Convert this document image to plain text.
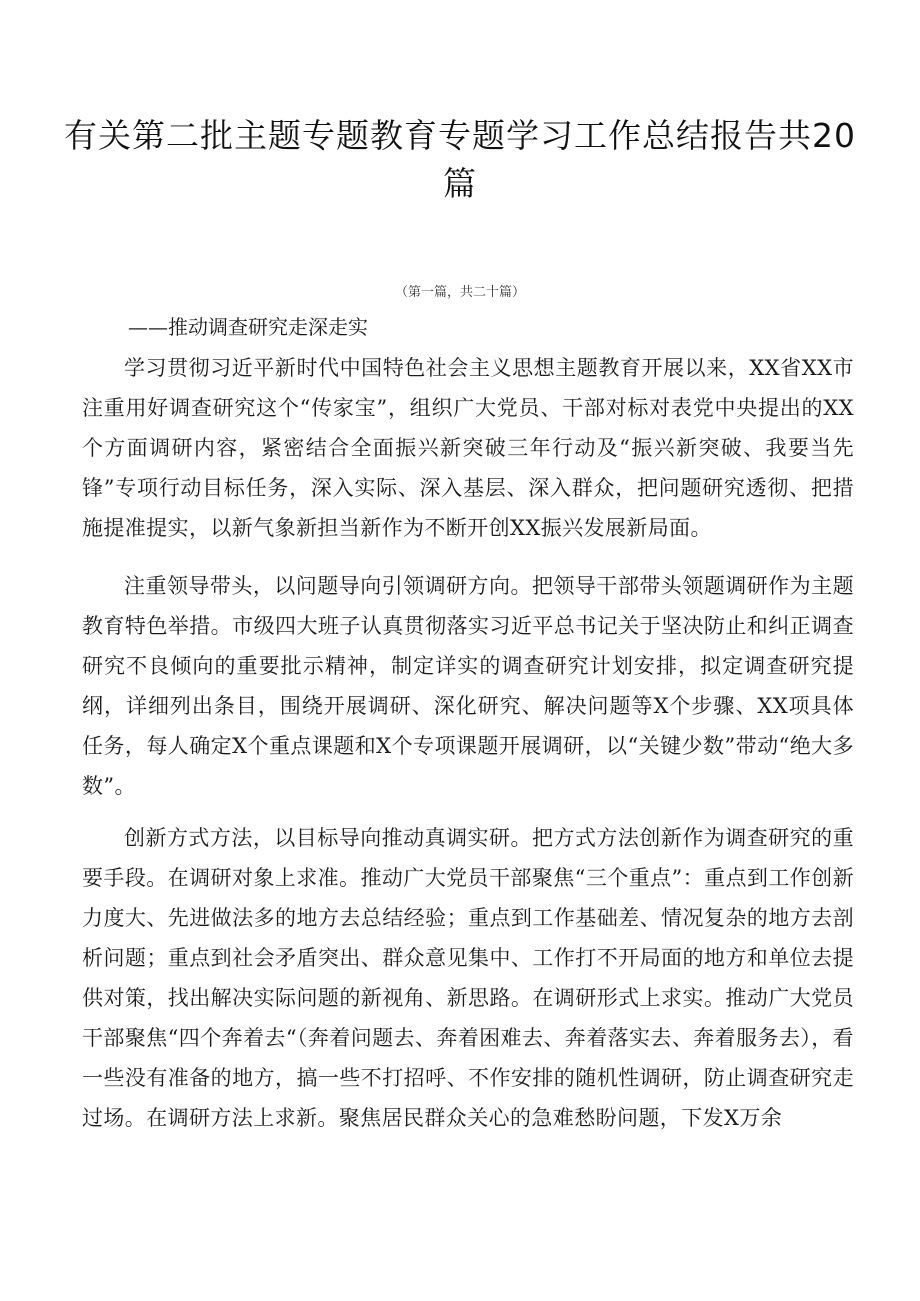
有关第二批主题专题教育专题学习工作总结报告共20篇
（第一篇，共二十篇）
——推动调查研究走深走实

学习贯彻习近平新时代中国特色社会主义思想主题教育开展以来，XX省XX市注重用好调查研究这个“传家宝”，组织广大党员、干部对标对表党中央提出的XX个方面调研内容，紧密结合全面振兴新突破三年行动及“振兴新突破、我要当先锋”专项行动目标任务，深入实际、深入基层、深入群众，把问题研究透彻、把措施提准提实，以新气象新担当新作为不断开创XX振兴发展新局面。

注重领导带头，以问题导向引领调研方向。把领导干部带头领题调研作为主题教育特色举措。市级四大班子认真贯彻落实习近平总书记关于坚决防止和纠正调查研究不良倾向的重要批示精神，制定详实的调查研究计划安排，拟定调查研究提纲，详细列出条目，围绕开展调研、深化研究、解决问题等X个步骤、XX项具体任务，每人确定X个重点课题和X个专项课题开展调研，以“关键少数”带动“绝大多数”。

创新方式方法，以目标导向推动真调实研。把方式方法创新作为调查研究的重要手段。在调研对象上求准。推动广大党员干部聚焦“三个重点”：重点到工作创新力度大、先进做法多的地方去总结经验；重点到工作基础差、情况复杂的地方去剖析问题；重点到社会矛盾突出、群众意见集中、工作打不开局面的地方和单位去提供对策，找出解决实际问题的新视角、新思路。在调研形式上求实。推动广大党员干部聚焦“四个奔着去“（奔着问题去、奔着困难去、奔着落实去、奔着服务去），看一些没有准备的地方，搞一些不打招呼、不作安排的随机性调研，防止调查研究走过场。在调研方法上求新。聚焦居民群众关心的急难愁盼问题，下发X万余
